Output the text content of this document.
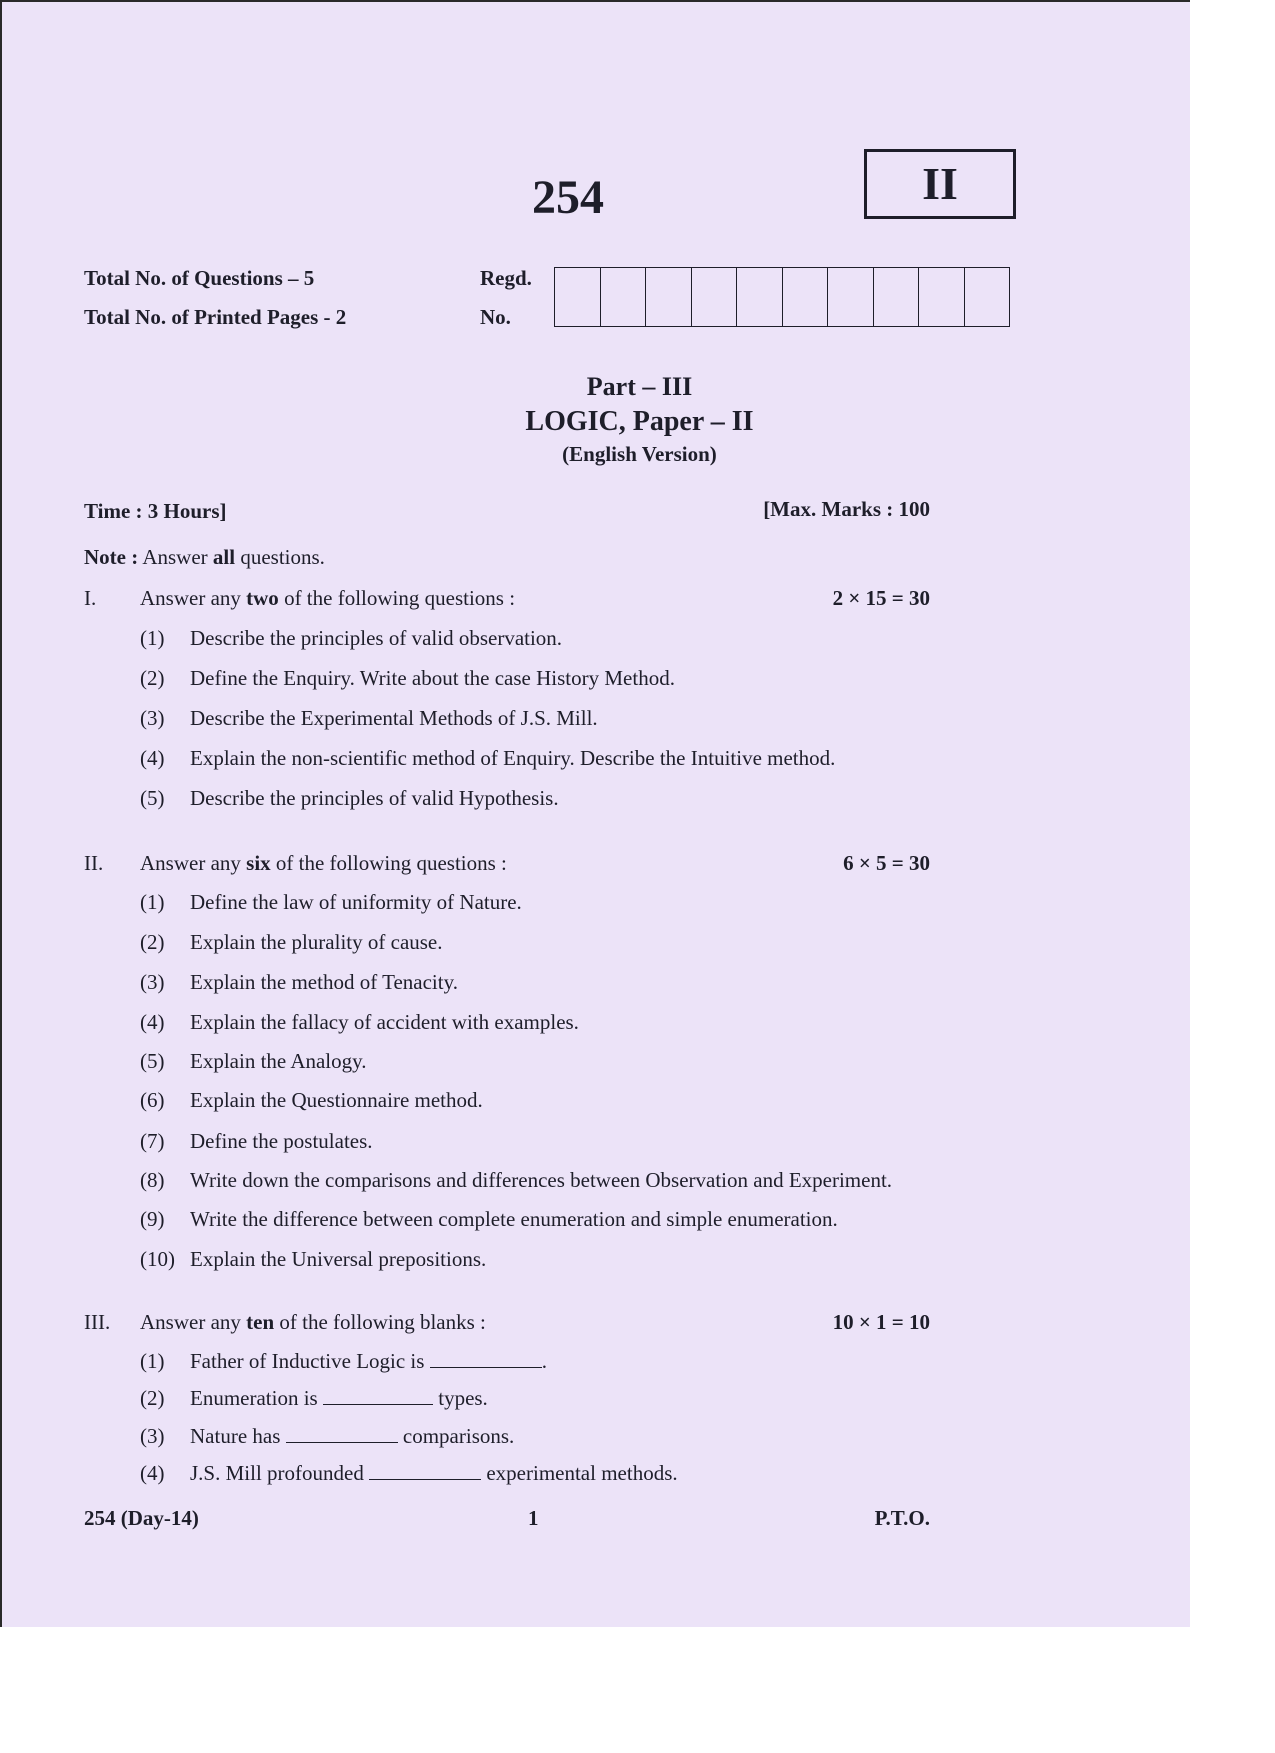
254	II
Total No. of Questions – 5
Total No. of Printed Pages - 2
Regd.
No.
Part – III
LOGIC, Paper – II
(English Version)
Time : 3 Hours]	[Max. Marks : 100
Note : Answer all questions.
I. Answer any two of the following questions :	2 × 15 = 30
(1) Describe the principles of valid observation.
(2) Define the Enquiry. Write about the case History Method.
(3) Describe the Experimental Methods of J.S. Mill.
(4) Explain the non-scientific method of Enquiry. Describe the Intuitive method.
(5) Describe the principles of valid Hypothesis.
II. Answer any six of the following questions :	6 × 5 = 30
(1) Define the law of uniformity of Nature.
(2) Explain the plurality of cause.
(3) Explain the method of Tenacity.
(4) Explain the fallacy of accident with examples.
(5) Explain the Analogy.
(6) Explain the Questionnaire method.
(7) Define the postulates.
(8) Write down the comparisons and differences between Observation and Experiment.
(9) Write the difference between complete enumeration and simple enumeration.
(10) Explain the Universal prepositions.
III. Answer any ten of the following blanks :	10 × 1 = 10
(1) Father of Inductive Logic is	.
(2) Enumeration is	types.
(3) Nature has	comparisons.
(4) J.S. Mill profounded	experimental methods.
254 (Day-14)	1	P.T.O.
